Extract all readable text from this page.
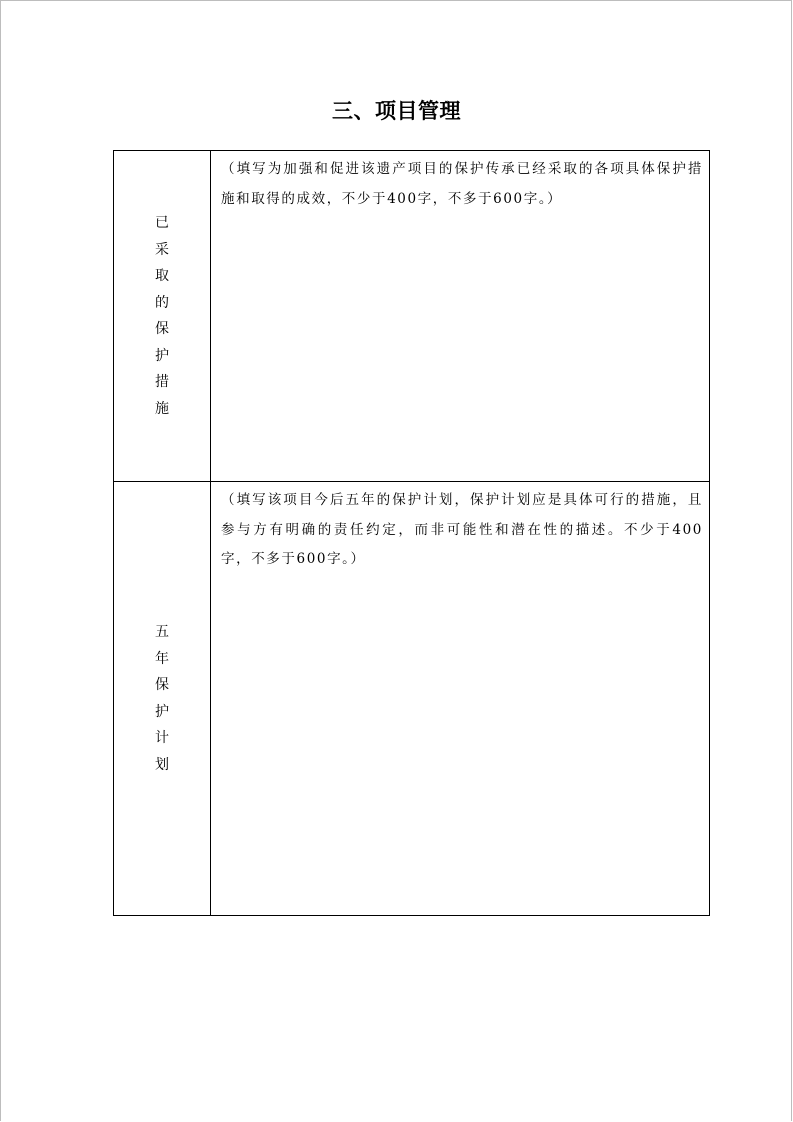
三、项目管理
已采取的保护措施	（填写为加强和促进该遗产项目的保护传承已经采取的各项具体保护措施和取得的成效，不少于400字，不多于600字。）

五年保护计划	（填写该项目今后五年的保护计划，保护计划应是具体可行的措施，且参与方有明确的责任约定，而非可能性和潜在性的描述。不少于400字，不多于600字。）
